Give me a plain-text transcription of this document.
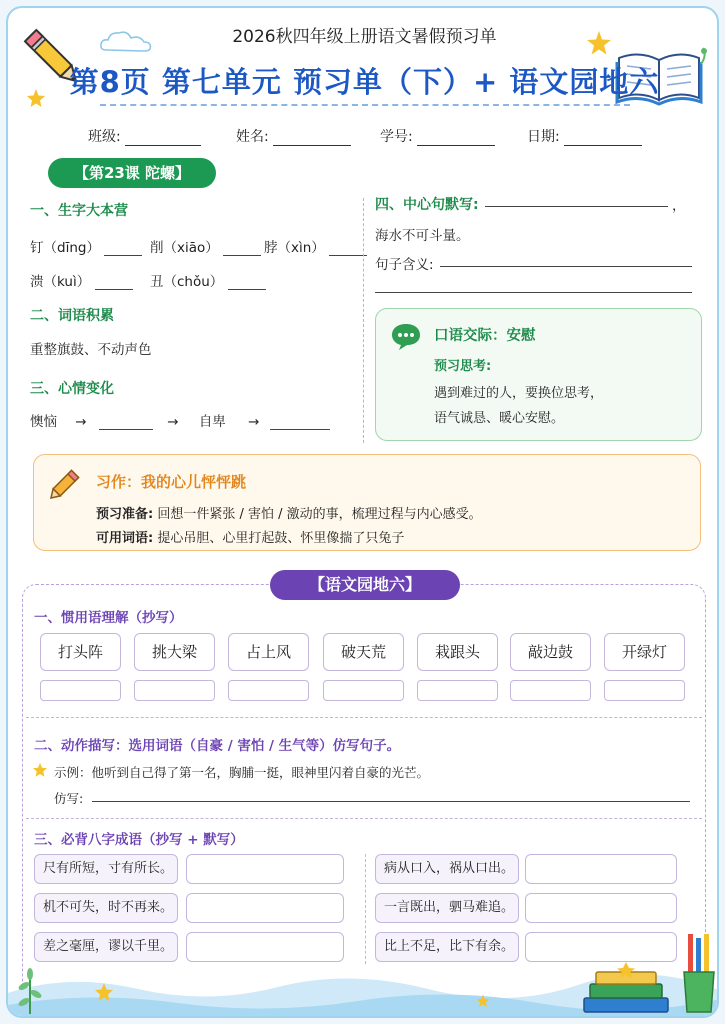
2026秋四年级上册语文暑假预习单
第8页 第七单元 预习单（下）+ 语文园地六
班级:	姓名:	学号:	日期:
【第23课 陀螺】
一、生字大本营
钉（dīng）	削（xiāo）	脖（xìn）
溃（kuì）	丑（chǒu）
二、词语积累
重整旗鼓、不动声色
三、心情变化
懊恼 →	→ 自卑 →
四、中心句默写:	，
海水不可斗量。
句子含义:
口语交际：安慰
预习思考:
遇到难过的人，要换位思考，
语气诚恳、暖心安慰。
习作：我的心儿怦怦跳
预习准备: 回想一件紧张 / 害怕 / 激动的事，梳理过程与内心感受。
可用词语: 提心吊胆、心里打起鼓、怀里像揣了只兔子
【语文园地六】
一、惯用语理解（抄写）
打头阵	挑大梁	占上风	破天荒	栽跟头	敲边鼓	开绿灯
二、动作描写：选用词语（自豪 / 害怕 / 生气等）仿写句子。
示例：他听到自己得了第一名，胸脯一挺，眼神里闪着自豪的光芒。
仿写:
三、必背八字成语（抄写 + 默写）
尺有所短，寸有所长。
机不可失，时不再来。
差之毫厘，谬以千里。
病从口入，祸从口出。
一言既出，驷马难追。
比上不足，比下有余。
